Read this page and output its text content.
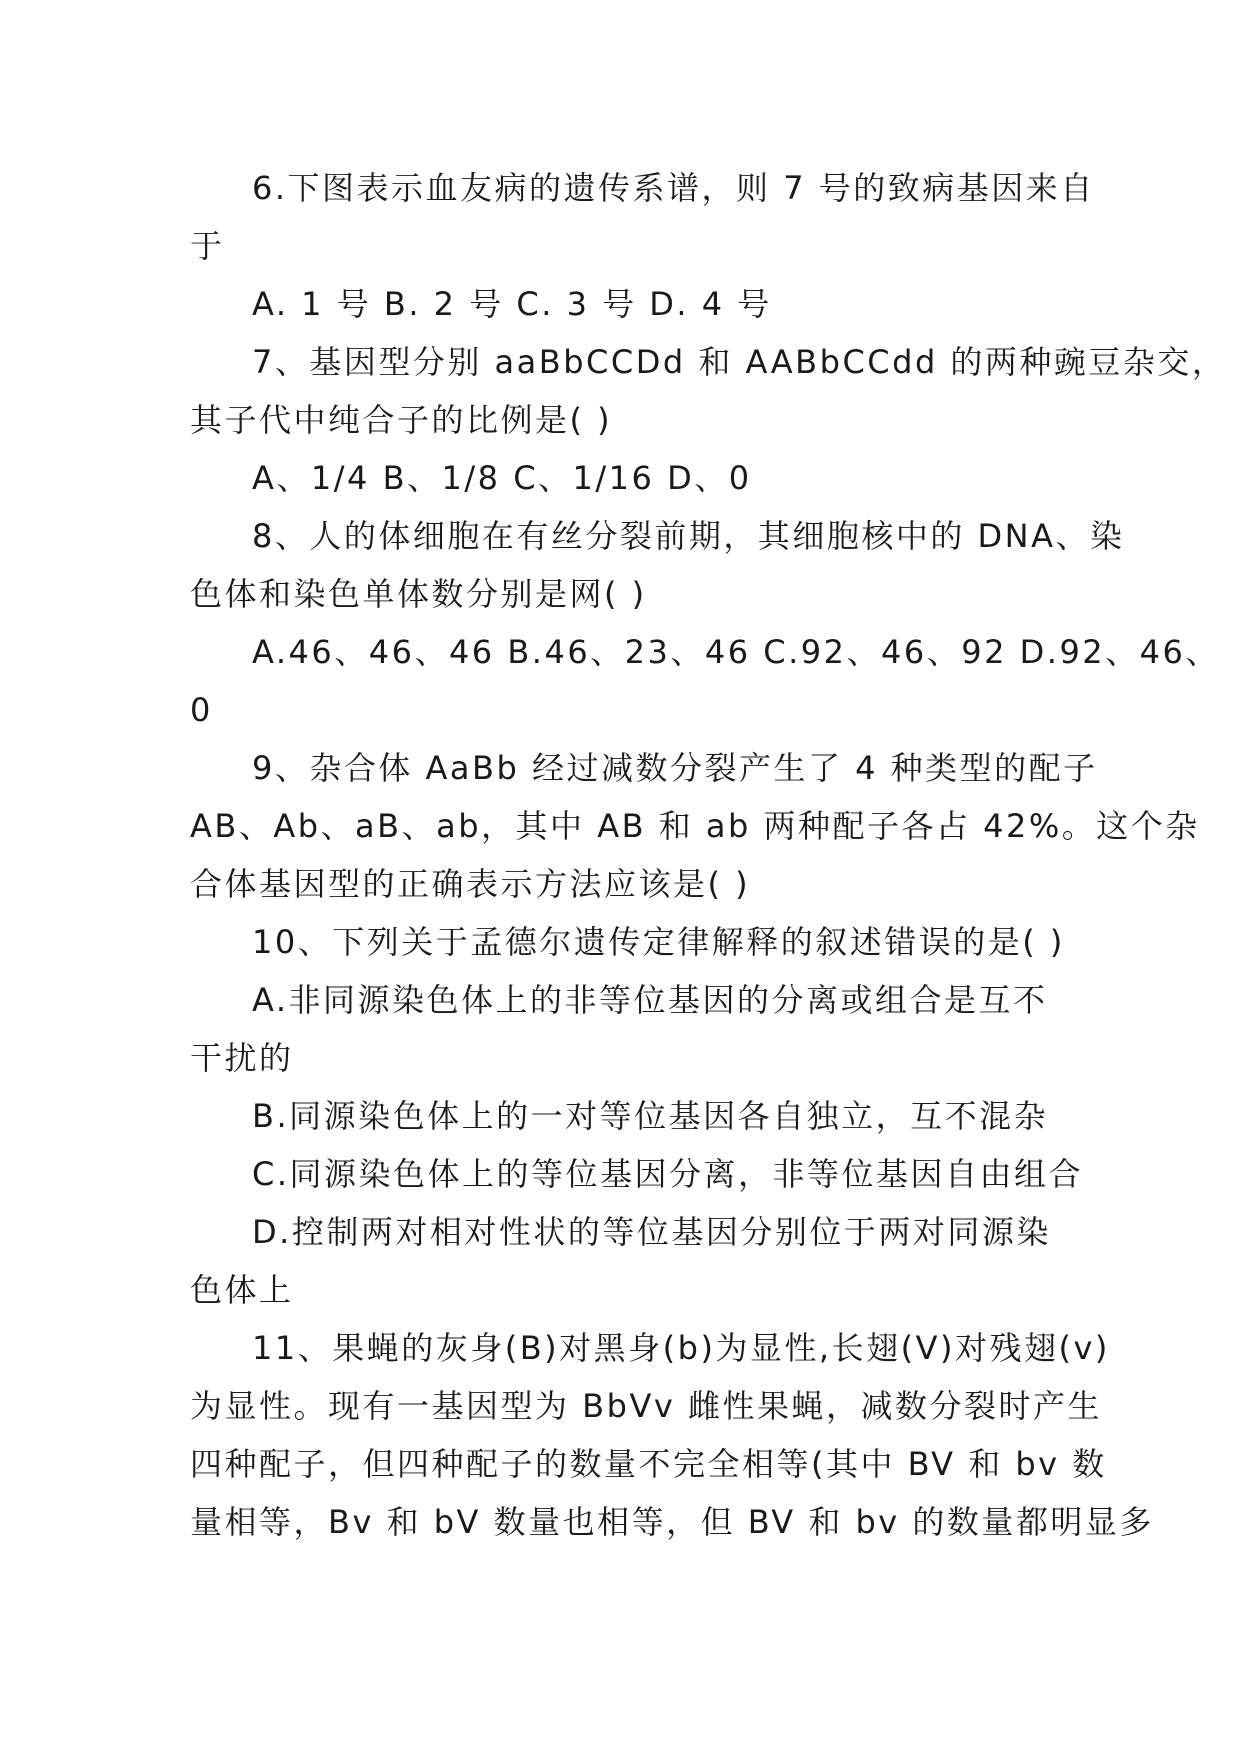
6.下图表示血友病的遗传系谱，则 7 号的致病基因来自
于
A. 1 号 B. 2 号 C. 3 号 D. 4 号
7、基因型分别 aaBbCCDd 和 AABbCCdd 的两种豌豆杂交，
其子代中纯合子的比例是( )
A、1/4 B、1/8 C、1/16 D、0
8、人的体细胞在有丝分裂前期，其细胞核中的 DNA、染
色体和染色单体数分别是网( )
A.46、46、46 B.46、23、46 C.92、46、92 D.92、46、
0
9、杂合体 AaBb 经过减数分裂产生了 4 种类型的配子
AB、Ab、aB、ab，其中 AB 和 ab 两种配子各占 42%。这个杂
合体基因型的正确表示方法应该是( )
10、下列关于孟德尔遗传定律解释的叙述错误的是( )
A.非同源染色体上的非等位基因的分离或组合是互不
干扰的
B.同源染色体上的一对等位基因各自独立，互不混杂
C.同源染色体上的等位基因分离，非等位基因自由组合
D.控制两对相对性状的等位基因分别位于两对同源染
色体上
11、果蝇的灰身(B)对黑身(b)为显性,长翅(V)对残翅(v)
为显性。现有一基因型为 BbVv 雌性果蝇，减数分裂时产生
四种配子，但四种配子的数量不完全相等(其中 BV 和 bv 数
量相等，Bv 和 bV 数量也相等，但 BV 和 bv 的数量都明显多
